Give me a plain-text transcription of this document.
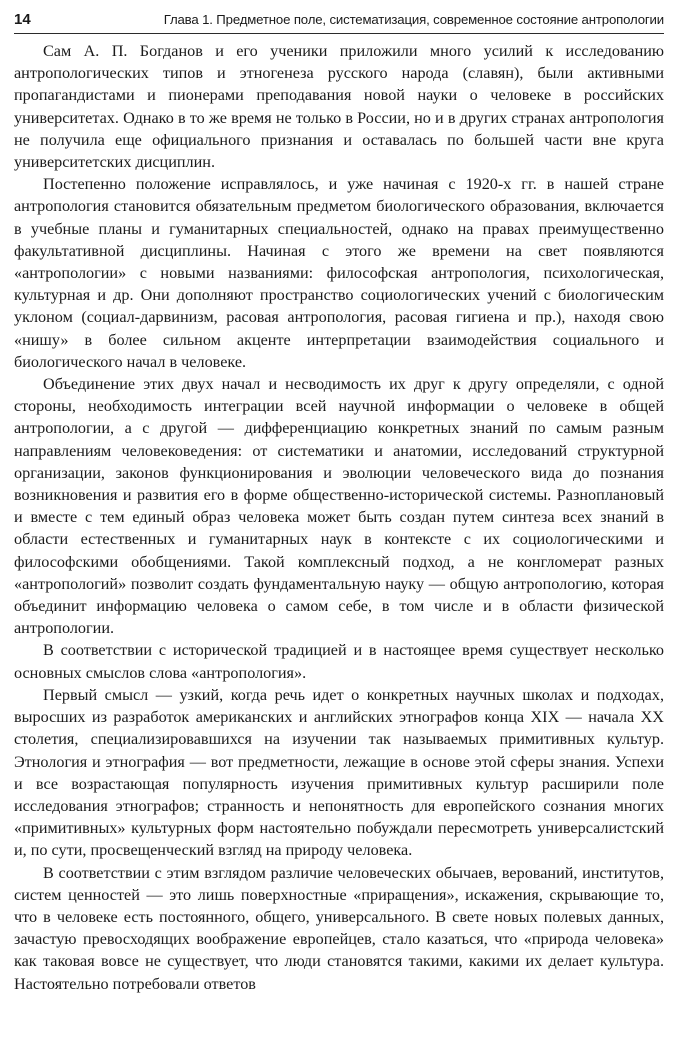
14	Глава 1. Предметное поле, систематизация, современное состояние антропологии

Сам А. П. Богданов и его ученики приложили много усилий к исследованию антропологических типов и этногенеза русского народа (славян), были активными пропагандистами и пионерами преподавания новой науки о человеке в российских университетах. Однако в то же время не только в России, но и в других странах антропология не получила еще официального признания и оставалась по большей части вне круга университетских дисциплин.

Постепенно положение исправлялось, и уже начиная с 1920-х гг. в нашей стране антропология становится обязательным предметом биологического образования, включается в учебные планы и гуманитарных специальностей, однако на правах преимущественно факультативной дисциплины. Начиная с этого же времени на свет появляются «антропологии» с новыми названиями: философская антропология, психологическая, культурная и др. Они дополняют пространство социологических учений с биологическим уклоном (социал-дарвинизм, расовая антропология, расовая гигиена и пр.), находя свою «нишу» в более сильном акценте интерпретации взаимодействия социального и биологического начал в человеке.

Объединение этих двух начал и несводимость их друг к другу определяли, с одной стороны, необходимость интеграции всей научной информации о человеке в общей антропологии, а с другой — дифференциацию конкретных знаний по самым разным направлениям человековедения: от систематики и анатомии, исследований структурной организации, законов функционирования и эволюции человеческого вида до познания возникновения и развития его в форме общественно-исторической системы. Разноплановый и вместе с тем единый образ человека может быть создан путем синтеза всех знаний в области естественных и гуманитарных наук в контексте с их социологическими и философскими обобщениями. Такой комплексный подход, а не конгломерат разных «антропологий» позволит создать фундаментальную науку — общую антропологию, которая объединит информацию человека о самом себе, в том числе и в области физической антропологии.

В соответствии с исторической традицией и в настоящее время существует несколько основных смыслов слова «антропология».

Первый смысл — узкий, когда речь идет о конкретных научных школах и подходах, выросших из разработок американских и английских этнографов конца XIX — начала XX столетия, специализировавшихся на изучении так называемых примитивных культур. Этнология и этнография — вот предметности, лежащие в основе этой сферы знания. Успехи и все возрастающая популярность изучения примитивных культур расширили поле исследования этнографов; странность и непонятность для европейского сознания многих «примитивных» культурных форм настоятельно побуждали пересмотреть универсалистский и, по сути, просвещенческий взгляд на природу человека.

В соответствии с этим взглядом различие человеческих обычаев, верований, институтов, систем ценностей — это лишь поверхностные «приращения», искажения, скрывающие то, что в человеке есть постоянного, общего, универсального. В свете новых полевых данных, зачастую превосходящих воображение европейцев, стало казаться, что «природа человека» как таковая вовсе не существует, что люди становятся такими, какими их делает культура. Настоятельно потребовали ответов
